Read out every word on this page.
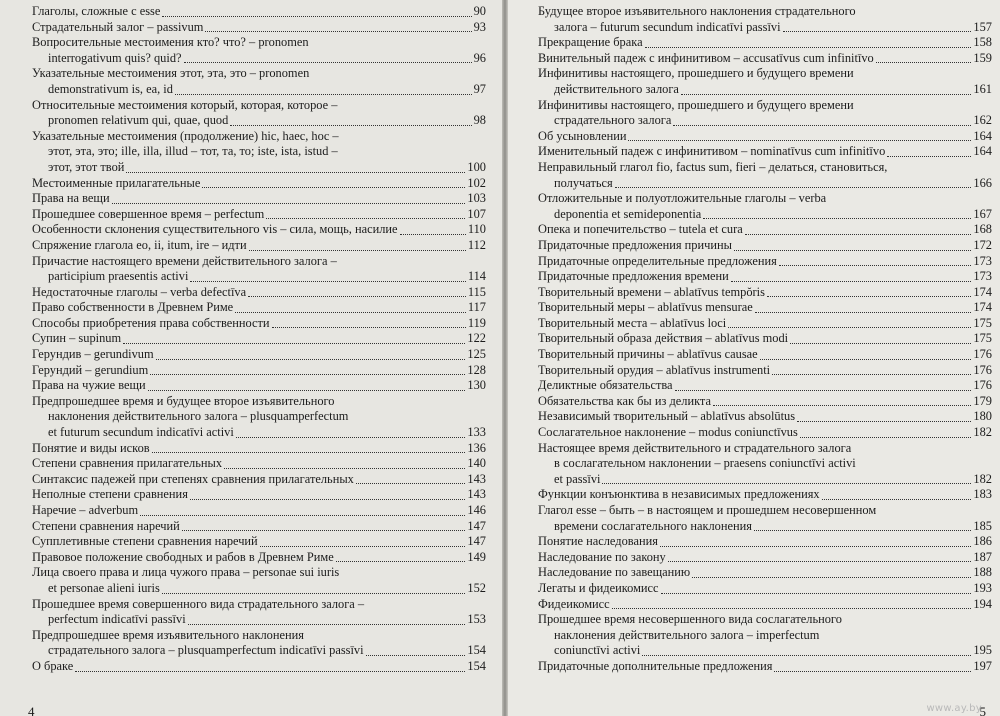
Глаголы, сложные с esse	90
Страдательный залог – passivum	93
Вопросительные местоимения кто? что? – pronomen
interrogativum quis? quid?	96
Указательные местоимения этот, эта, это – pronomen
demonstrativum is, ea, id	97
Относительные местоимения который, которая, которое –
pronomen relativum qui, quae, quod	98
Указательные местоимения (продолжение) hic, haec, hoc –
этот, эта, это; ille, illa, illud – тот, та, то; iste, ista, istud –
этот, этот твой	100
Местоименные прилагательные	102
Права на вещи	103
Прошедшее совершенное время – perfectum	107
Особенности склонения существительного vis – сила, мощь, насилие	110
Спряжение глагола eo, ii, itum, ire – идти	112
Причастие настоящего времени действительного залога –
participium praesentis activi	114
Недостаточные глаголы – verba defectīva	115
Право собственности в Древнем Риме	117
Способы приобретения права собственности	119
Супин – supinum	122
Герундив – gerundivum	125
Герундий – gerundium	128
Права на чужие вещи	130
Предпрошедшее время и будущее второе изъявительного
наклонения действительного залога – plusquamperfectum
et futurum secundum indicatīvi activi	133
Понятие и виды исков	136
Степени сравнения прилагательных	140
Синтаксис падежей при степенях сравнения прилагательных	143
Неполные степени сравнения	143
Наречие – adverbum	146
Степени сравнения наречий	147
Супплетивные степени сравнения наречий	147
Правовое положение свободных и рабов в Древнем Риме	149
Лица своего права и лица чужого права – personae sui iuris
et personae alieni iuris	152
Прошедшее время совершенного вида страдательного залога –
perfectum indicatīvi passīvi	153
Предпрошедшее время изъявительного наклонения
страдательного залога – plusquamperfectum indicatīvi passīvi	154
О браке	154
4
Будущее второе изъявительного наклонения страдательного
залога – futurum secundum indicatīvi passīvi	157
Прекращение брака	158
Винительный падеж с инфинитивом – accusatīvus cum infinitīvo	159
Инфинитивы настоящего, прошедшего и будущего времени
действительного залога	161
Инфинитивы настоящего, прошедшего и будущего времени
страдательного залога	162
Об усыновлении	164
Именительный падеж с инфинитивом – nominatīvus cum infinitīvo	164
Неправильный глагол fio, factus sum, fieri – делаться, становиться,
получаться	166
Отложительные и полуотложительные глаголы – verba
deponentia et semideponentia	167
Опека и попечительство – tutela et cura	168
Придаточные предложения причины	172
Придаточные определительные предложения	173
Придаточные предложения времени	173
Творительный времени – ablatīvus tempŏris	174
Творительный меры – ablatīvus mensurae	174
Творительный места – ablatīvus loci	175
Творительный образа действия – ablatīvus modi	175
Творительный причины – ablatīvus causae	176
Творительный орудия – ablatīvus instrumenti	176
Деликтные обязательства	176
Обязательства как бы из деликта	179
Независимый творительный – ablatīvus absolūtus	180
Сослагательное наклонение – modus coniunctīvus	182
Настоящее время действительного и страдательного залога
в сослагательном наклонении – praesens coniunctīvi activi
et passīvi	182
Функции конъюнктива в независимых предложениях	183
Глагол esse – быть – в настоящем и прошедшем несовершенном
времени сослагательного наклонения	185
Понятие наследования	186
Наследование по закону	187
Наследование по завещанию	188
Легаты и фидеикомисс	193
Фидеикомисс	194
Прошедшее время несовершенного вида сослагательного
наклонения действительного залога – imperfectum
coniunctīvi activi	195
Придаточные дополнительные предложения	197
5
www.ay.by
